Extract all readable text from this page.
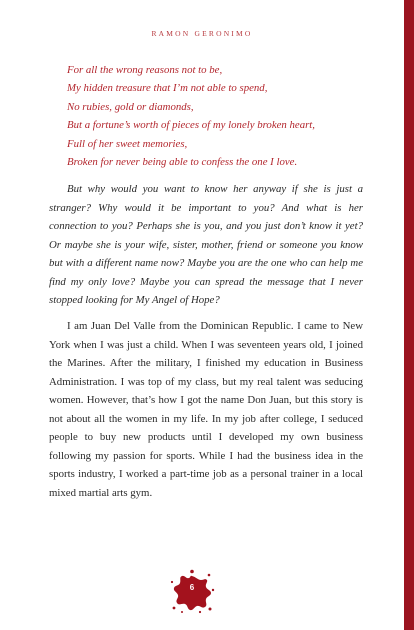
RAMON GERONIMO
For all the wrong reasons not to be,
My hidden treasure that I’m not able to spend,
No rubies, gold or diamonds,
But a fortune’s worth of pieces of my lonely broken heart,
Full of her sweet memories,
Broken for never being able to confess the one I love.

But why would you want to know her anyway if she is just a stranger? Why would it be important to you? And what is her connection to you? Perhaps she is you, and you just don’t know it yet? Or maybe she is your wife, sister, mother, friend or someone you know but with a different name now? Maybe you are the one who can help me find my only love? Maybe you can spread the message that I never stopped looking for My Angel of Hope?

I am Juan Del Valle from the Dominican Republic. I came to New York when I was just a child. When I was seventeen years old, I joined the Marines. After the military, I finished my education in Business Administration. I was top of my class, but my real talent was seducing women. However, that’s how I got the name Don Juan, but this story is not about all the women in my life. In my job after college, I seduced people to buy new products until I developed my own business following my passion for sports. While I had the business idea in the sports industry, I worked a part-time job as a personal trainer in a local mixed martial arts gym.

6
